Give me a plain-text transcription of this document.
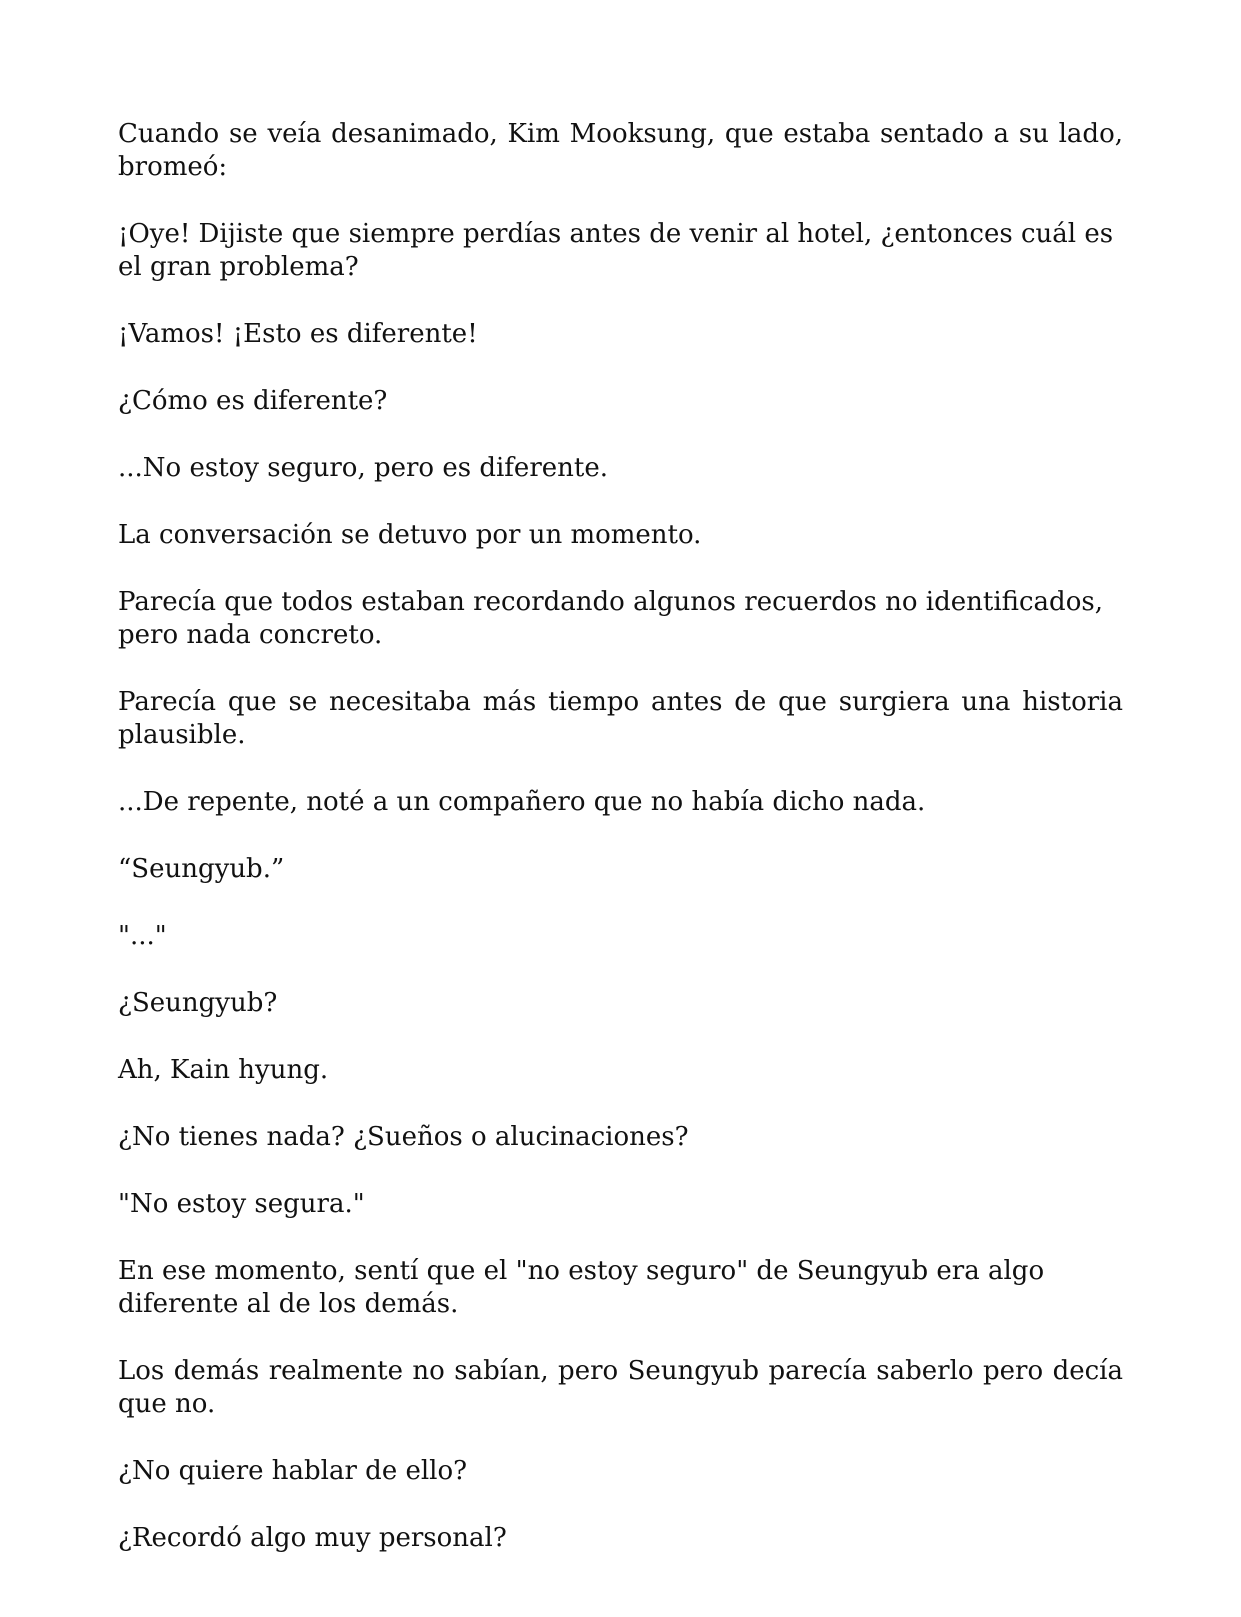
Cuando se veía desanimado, Kim Mooksung, que estaba sentado a su lado, bromeó:

¡Oye! Dijiste que siempre perdías antes de venir al hotel, ¿entonces cuál es el gran problema?

¡Vamos! ¡Esto es diferente!

¿Cómo es diferente?

...No estoy seguro, pero es diferente.

La conversación se detuvo por un momento.

Parecía que todos estaban recordando algunos recuerdos no identificados, pero nada concreto.

Parecía que se necesitaba más tiempo antes de que surgiera una historia plausible.

...De repente, noté a un compañero que no había dicho nada.

“Seungyub.”

"..."

¿Seungyub?

Ah, Kain hyung.

¿No tienes nada? ¿Sueños o alucinaciones?

"No estoy segura."

En ese momento, sentí que el "no estoy seguro" de Seungyub era algo diferente al de los demás.

Los demás realmente no sabían, pero Seungyub parecía saberlo pero decía que no.

¿No quiere hablar de ello?

¿Recordó algo muy personal?
